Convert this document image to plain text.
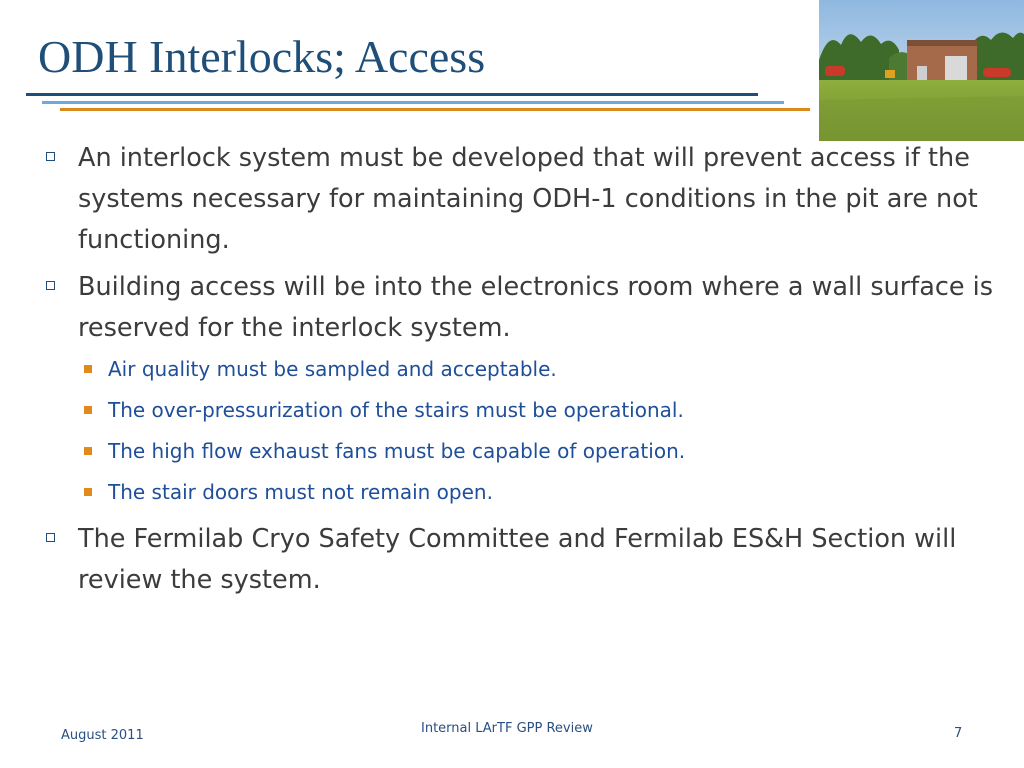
ODH Interlocks; Access
An interlock system must be developed that will prevent access if the systems necessary for maintaining ODH-1 conditions in the pit are not functioning.
Building access will be into the electronics room where a wall surface is reserved for the interlock system.
Air quality must be sampled and acceptable.
The over-pressurization of the stairs must be operational.
The high flow exhaust fans must be capable of operation.
The stair doors must not remain open.
The Fermilab Cryo Safety Committee and Fermilab ES&H Section will review the system.
August 2011	Internal LArTF GPP Review	7
